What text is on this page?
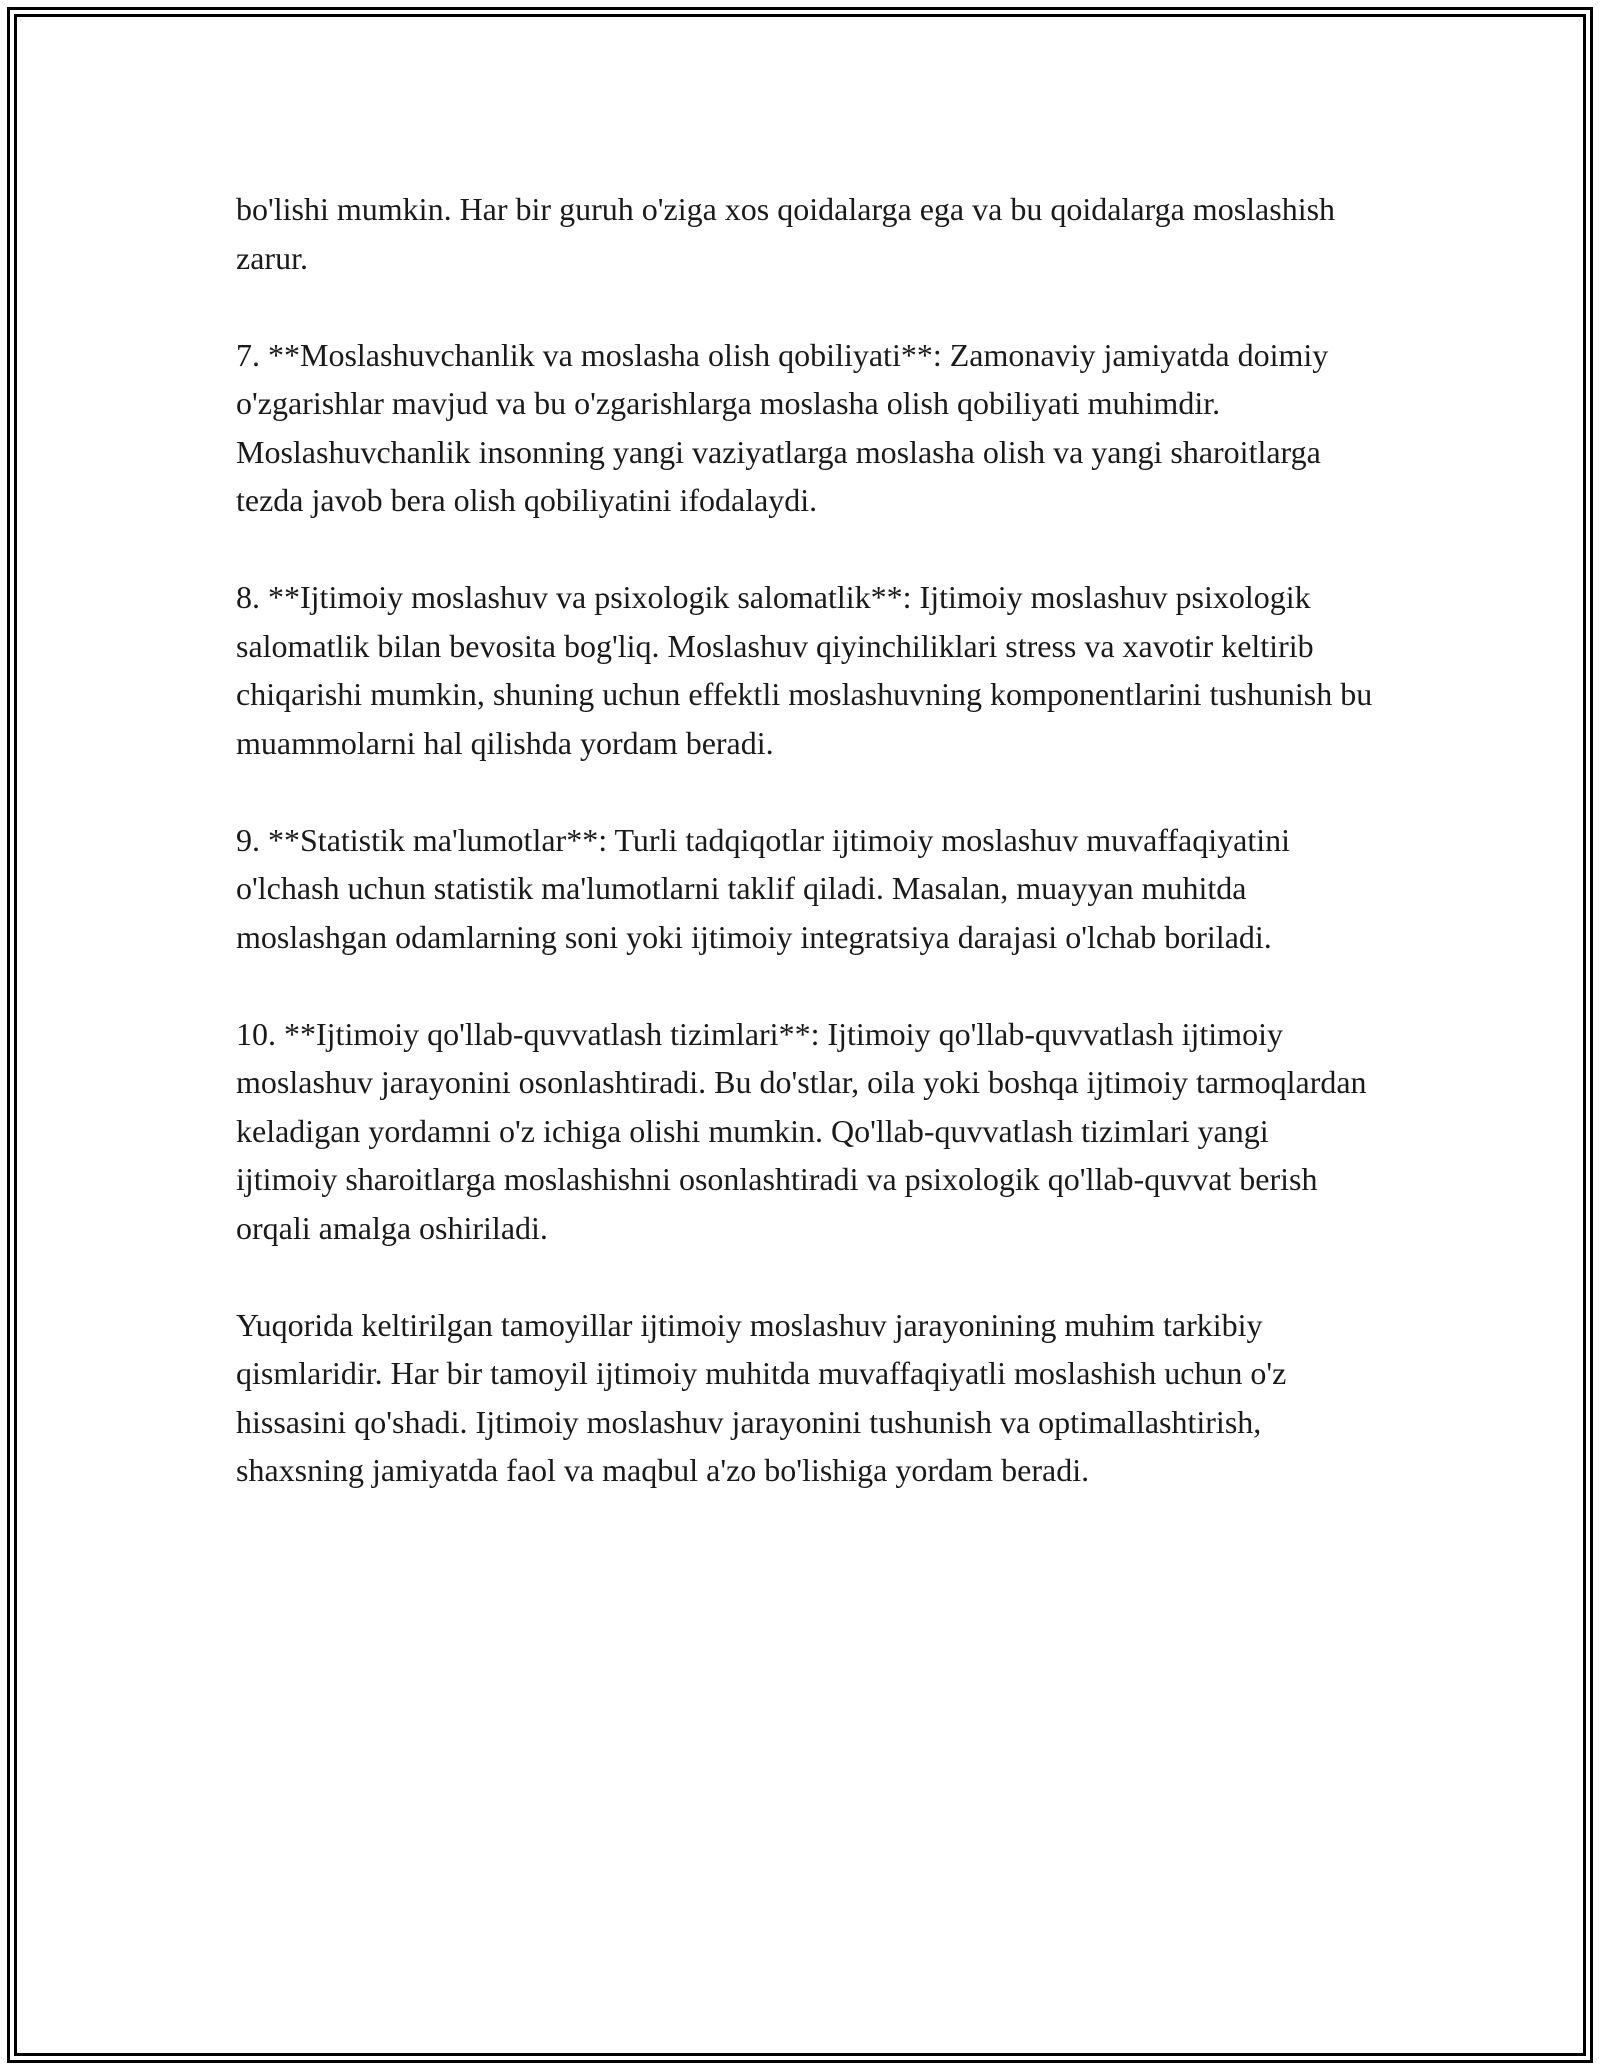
bo'lishi mumkin. Har bir guruh o'ziga xos qoidalarga ega va bu qoidalarga moslashish zarur.

7. **Moslashuvchanlik va moslasha olish qobiliyati**: Zamonaviy jamiyatda doimiy o'zgarishlar mavjud va bu o'zgarishlarga moslasha olish qobiliyati muhimdir. Moslashuvchanlik insonning yangi vaziyatlarga moslasha olish va yangi sharoitlarga tezda javob bera olish qobiliyatini ifodalaydi.

8. **Ijtimoiy moslashuv va psixologik salomatlik**: Ijtimoiy moslashuv psixologik salomatlik bilan bevosita bog'liq. Moslashuv qiyinchiliklari stress va xavotir keltirib chiqarishi mumkin, shuning uchun effektli moslashuvning komponentlarini tushunish bu muammolarni hal qilishda yordam beradi.

9. **Statistik ma'lumotlar**: Turli tadqiqotlar ijtimoiy moslashuv muvaffaqiyatini o'lchash uchun statistik ma'lumotlarni taklif qiladi. Masalan, muayyan muhitda moslashgan odamlarning soni yoki ijtimoiy integratsiya darajasi o'lchab boriladi.

10. **Ijtimoiy qo'llab-quvvatlash tizimlari**: Ijtimoiy qo'llab-quvvatlash ijtimoiy moslashuv jarayonini osonlashtiradi. Bu do'stlar, oila yoki boshqa ijtimoiy tarmoqlardan keladigan yordamni o'z ichiga olishi mumkin. Qo'llab-quvvatlash tizimlari yangi ijtimoiy sharoitlarga moslashishni osonlashtiradi va psixologik qo'llab-quvvat berish orqali amalga oshiriladi.

Yuqorida keltirilgan tamoyillar ijtimoiy moslashuv jarayonining muhim tarkibiy qismlaridir. Har bir tamoyil ijtimoiy muhitda muvaffaqiyatli moslashish uchun o'z hissasini qo'shadi. Ijtimoiy moslashuv jarayonini tushunish va optimallashtirish, shaxsning jamiyatda faol va maqbul a'zo bo'lishiga yordam beradi.
